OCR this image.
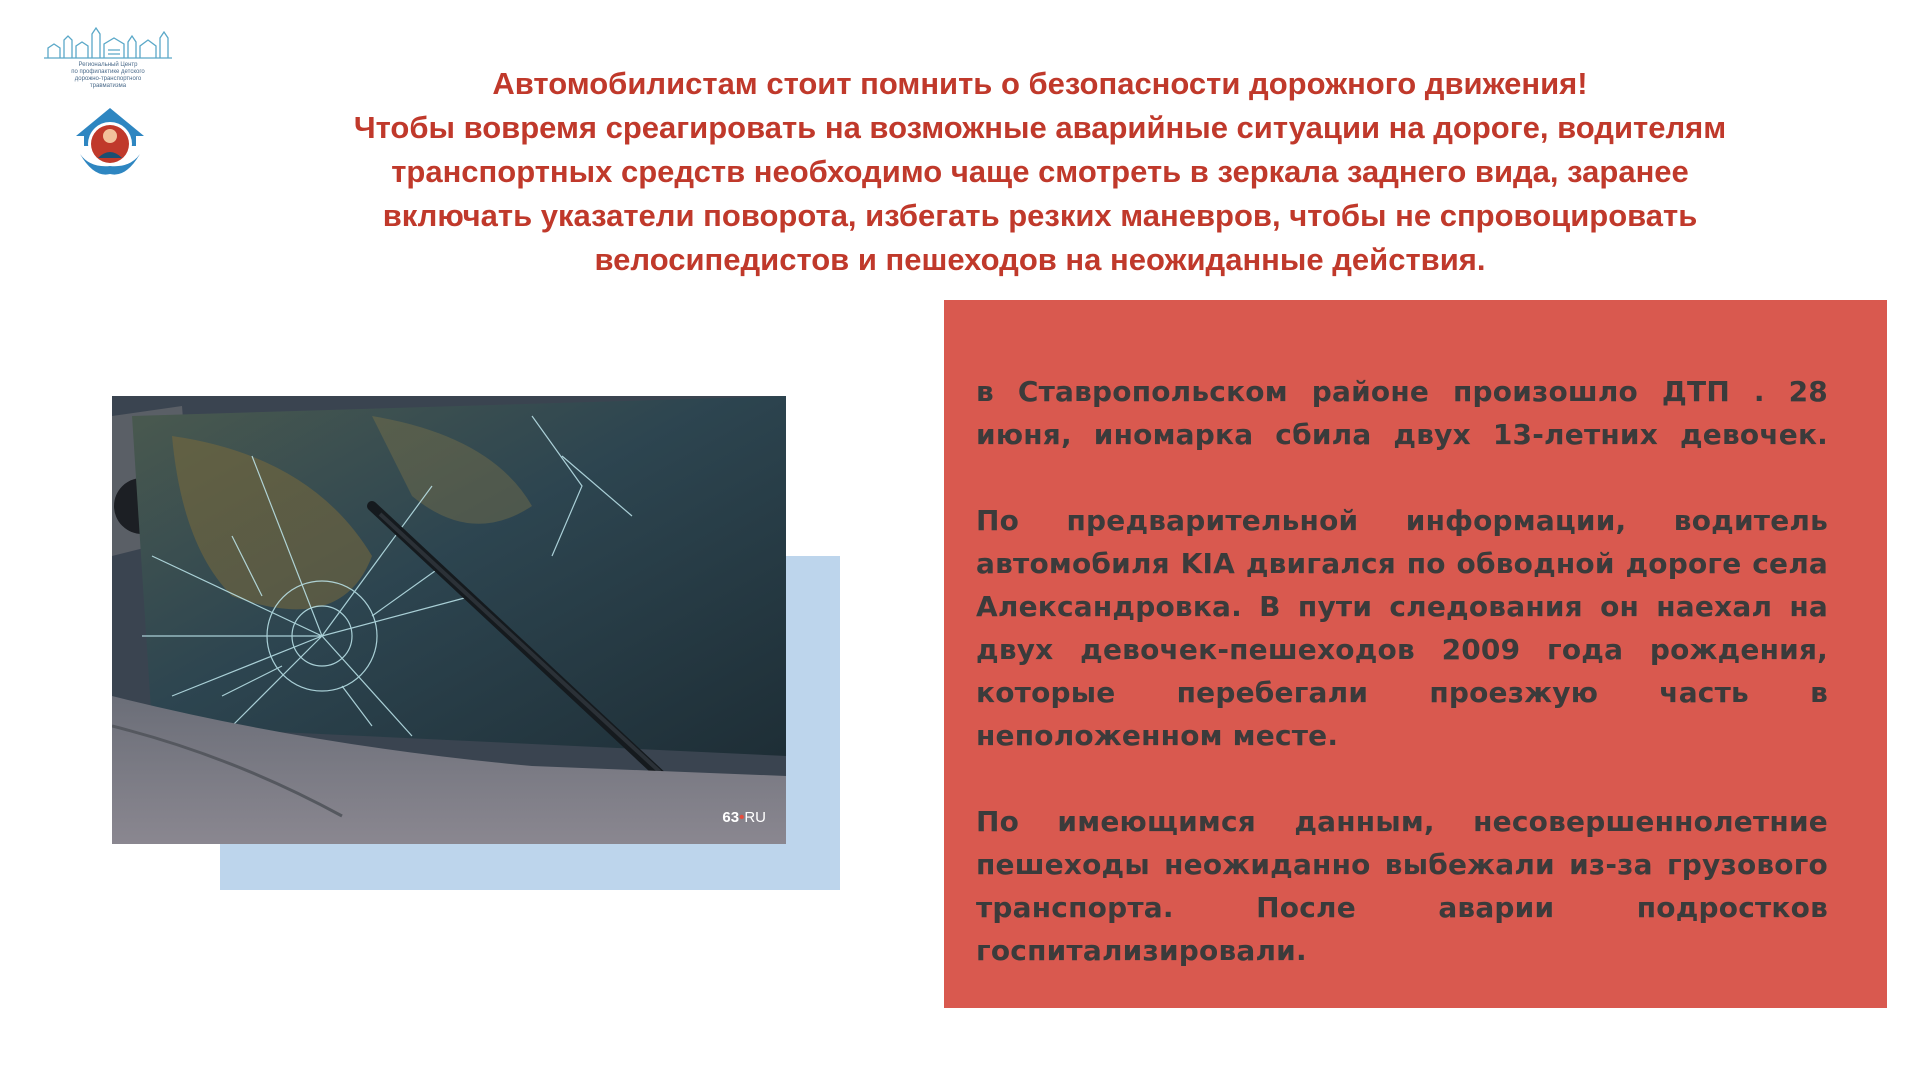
Региональный Центр
по профилактике детского
дорожно-транспортного
травматизма	Автомобилистам стоит помнить о безопасности дорожного движения!
Чтобы вовремя среагировать на возможные аварийные ситуации на дороге, водителям
транспортных средств необходимо чаще смотреть в зеркала заднего вида, заранее
включать указатели поворота, избегать резких маневров, чтобы не спровоцировать
велосипедистов и пешеходов на неожиданные действия.
63•RU

в Ставропольском районе произошло ДТП . 28 июня, иномарка сбила двух 13-летних девочек.

По предварительной информации, водитель автомобиля KIA двигался по обводной дороге села Александровка. В пути следования он наехал на двух девочек-пешеходов 2009 года рождения, которые перебегали проезжую часть в неположенном месте.

По имеющимся данным, несовершеннолетние пешеходы неожиданно выбежали из-за грузового транспорта. После аварии подростков госпитализировали.
